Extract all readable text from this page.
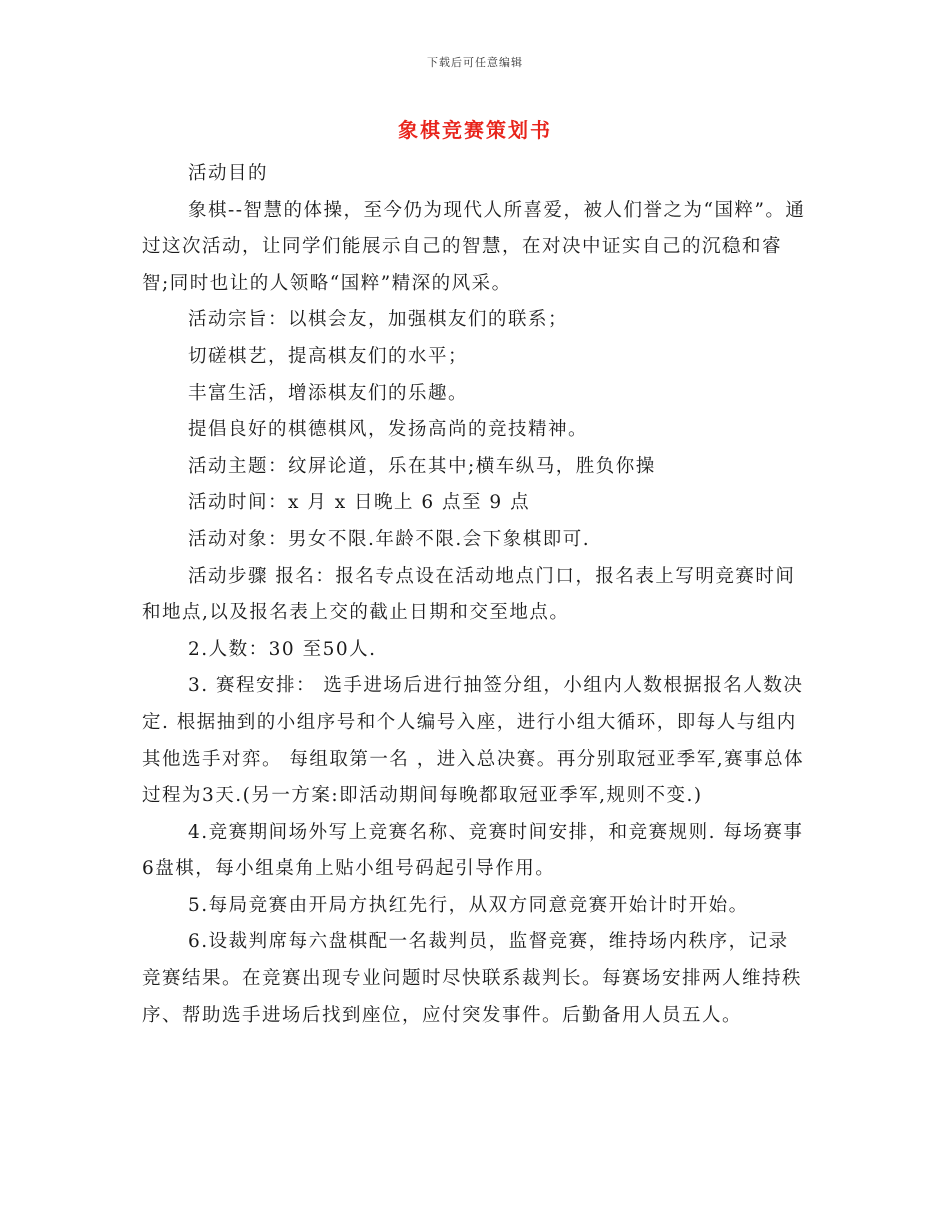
下载后可任意编辑
象棋竞赛策划书

活动目的

象棋--智慧的体操，至今仍为现代人所喜爱，被人们誉之为“国粹”。通过这次活动，让同学们能展示自己的智慧，在对决中证实自己的沉稳和睿智;同时也让的人领略“国粹”精深的风采。

活动宗旨：以棋会友，加强棋友们的联系；

切磋棋艺，提高棋友们的水平；

丰富生活，增添棋友们的乐趣。

提倡良好的棋德棋风，发扬高尚的竞技精神。

活动主题：纹屏论道，乐在其中;横车纵马，胜负你操

活动时间：x 月 x 日晚上 6 点至 9 点

活动对象：男女不限.年龄不限.会下象棋即可.

活动步骤 报名：报名专点设在活动地点门口，报名表上写明竞赛时间和地点,以及报名表上交的截止日期和交至地点。

2.人数：30 至50人.

3. 赛程安排： 选手进场后进行抽签分组，小组内人数根据报名人数决定. 根据抽到的小组序号和个人编号入座，进行小组大循环，即每人与组内其他选手对弈。 每组取第一名 ，进入总决赛。再分别取冠亚季军,赛事总体过程为3天.(另一方案:即活动期间每晚都取冠亚季军,规则不变.)

4.竞赛期间场外写上竞赛名称、竞赛时间安排，和竞赛规则. 每场赛事6盘棋，每小组桌角上贴小组号码起引导作用。

5.每局竞赛由开局方执红先行，从双方同意竞赛开始计时开始。

6.设裁判席每六盘棋配一名裁判员，监督竞赛，维持场内秩序，记录竞赛结果。在竞赛出现专业问题时尽快联系裁判长。每赛场安排两人维持秩序、帮助选手进场后找到座位，应付突发事件。后勤备用人员五人。
